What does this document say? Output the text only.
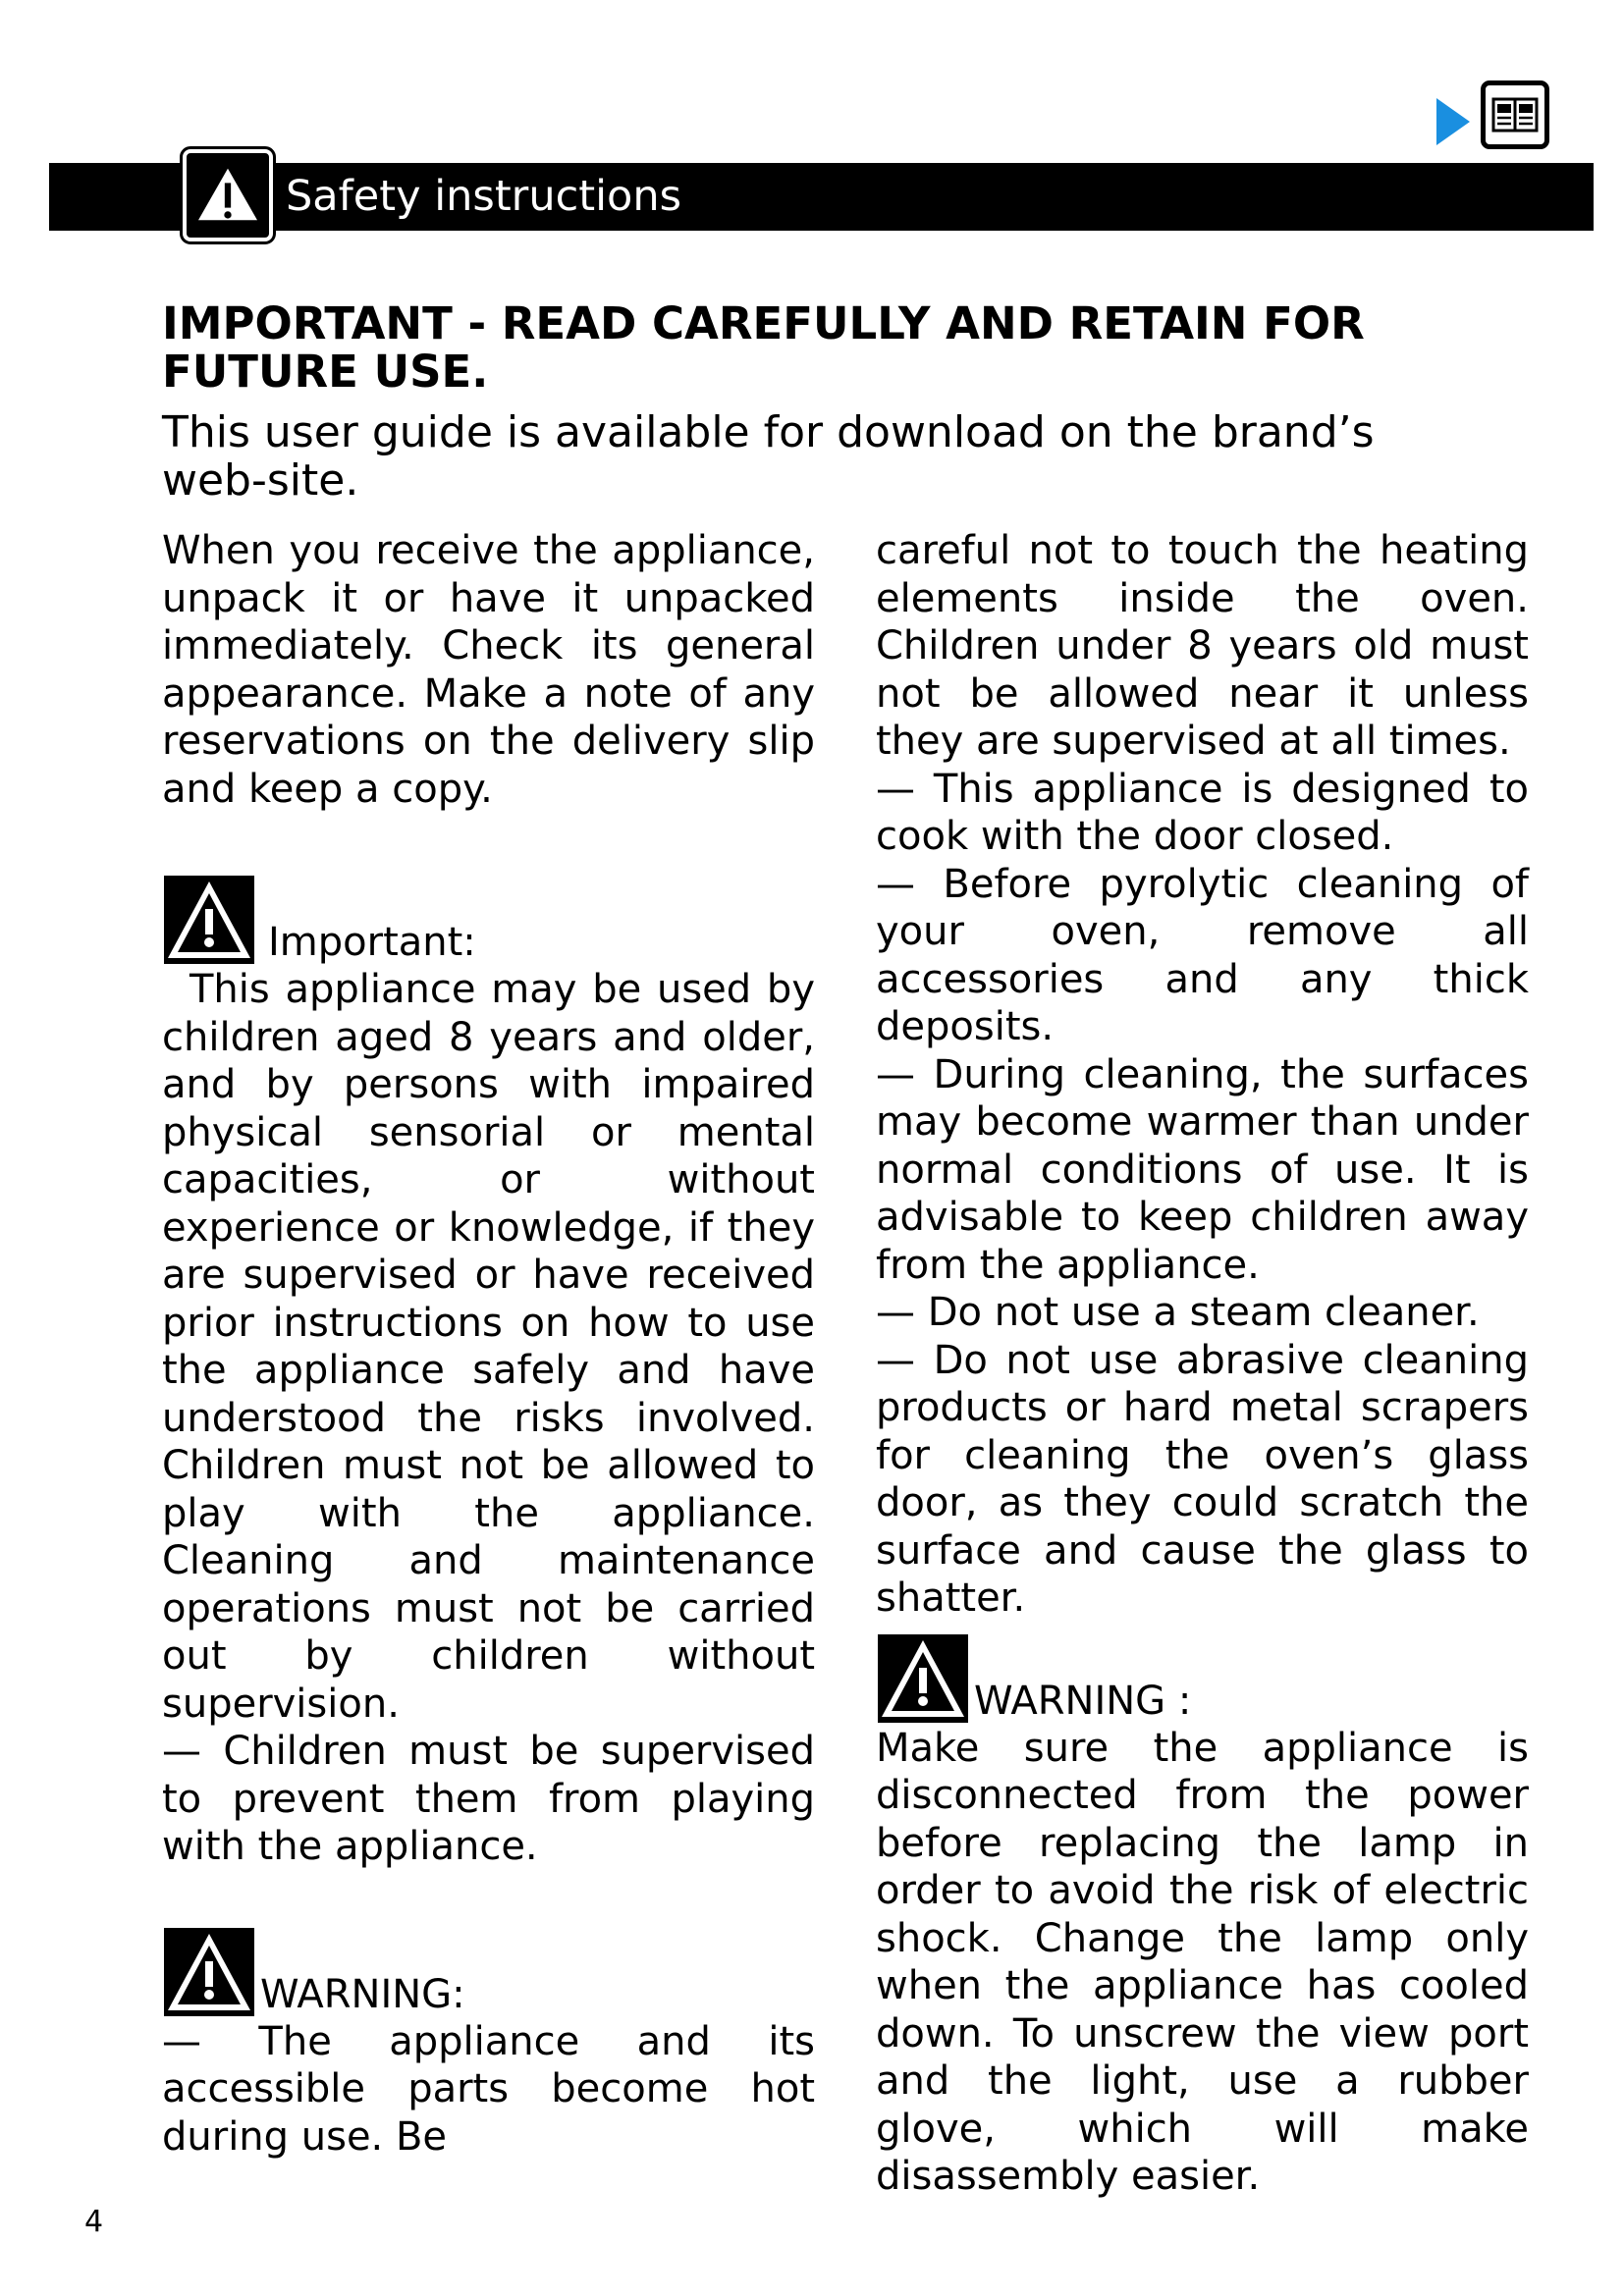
Safety instructions
IMPORTANT - READ CAREFULLY AND RETAIN FOR FUTURE USE.

This user guide is available for download on the brand’s web-site.

When you receive the appliance, unpack it or have it unpacked immediately. Check its general appearance. Make a note of any reservations on the delivery slip and keep a copy.

Important:

This appliance may be used by children aged 8 years and older, and by persons with impaired physical sensorial or mental capacities, or without experience or knowledge, if they are supervised or have received prior instructions on how to use the appliance safely and have understood the risks involved. Children must not be allowed to play with the appliance. Cleaning and maintenance operations must not be carried out by children without supervision.

— Children must be supervised to prevent them from playing with the appliance.

WARNING:

— The appliance and its accessible parts become hot during use. Be

careful not to touch the heating elements inside the oven. Children under 8 years old must not be allowed near it unless they are supervised at all times.

— This appliance is designed to cook with the door closed.

— Before pyrolytic cleaning of your oven, remove all accessories and any thick deposits.

— During cleaning, the surfaces may become warmer than under normal conditions of use. It is advisable to keep children away from the appliance.

— Do not use a steam cleaner.

— Do not use abrasive cleaning products or hard metal scrapers for cleaning the oven’s glass door, as they could scratch the surface and cause the glass to shatter.

WARNING :

Make sure the appliance is disconnected from the power before replacing the lamp in order to avoid the risk of electric shock. Change the lamp only when the appliance has cooled down. To unscrew the view port and the light, use a rubber glove, which will make disassembly easier.

4
